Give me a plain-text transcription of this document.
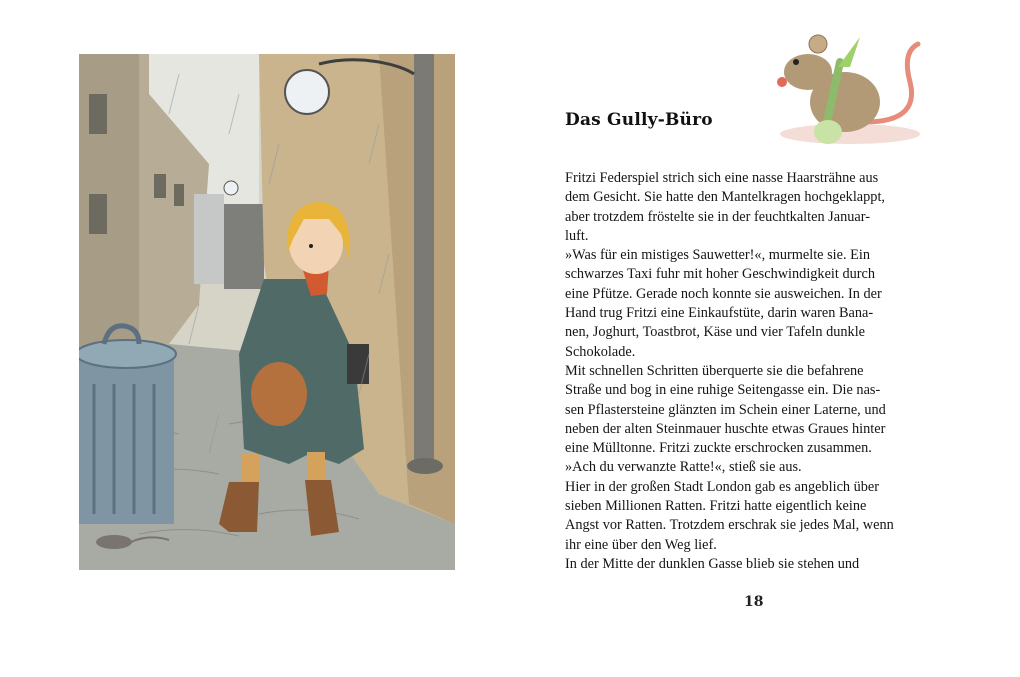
Das Gully-Büro
Fritzi Federspiel strich sich eine nasse Haarsträhne aus
dem Gesicht. Sie hatte den Mantelkragen hochgeklappt,
aber trotzdem fröstelte sie in der feuchtkalten Januar-
luft.
»Was für ein mistiges Sauwetter!«, murmelte sie. Ein
schwarzes Taxi fuhr mit hoher Geschwindigkeit durch
eine Pfütze. Gerade noch konnte sie ausweichen. In der
Hand trug Fritzi eine Einkaufstüte, darin waren Bana-
nen, Joghurt, Toastbrot, Käse und vier Tafeln dunkle
Schokolade.
Mit schnellen Schritten überquerte sie die befahrene
Straße und bog in eine ruhige Seitengasse ein. Die nas-
sen Pflastersteine glänzten im Schein einer Laterne, und
neben der alten Steinmauer huschte etwas Graues hinter
eine Mülltonne. Fritzi zuckte erschrocken zusammen.
»Ach du verwanzte Ratte!«, stieß sie aus.
Hier in der großen Stadt London gab es angeblich über
sieben Millionen Ratten. Fritzi hatte eigentlich keine
Angst vor Ratten. Trotzdem erschrak sie jedes Mal, wenn
ihr eine über den Weg lief.
In der Mitte der dunklen Gasse blieb sie stehen und
18
